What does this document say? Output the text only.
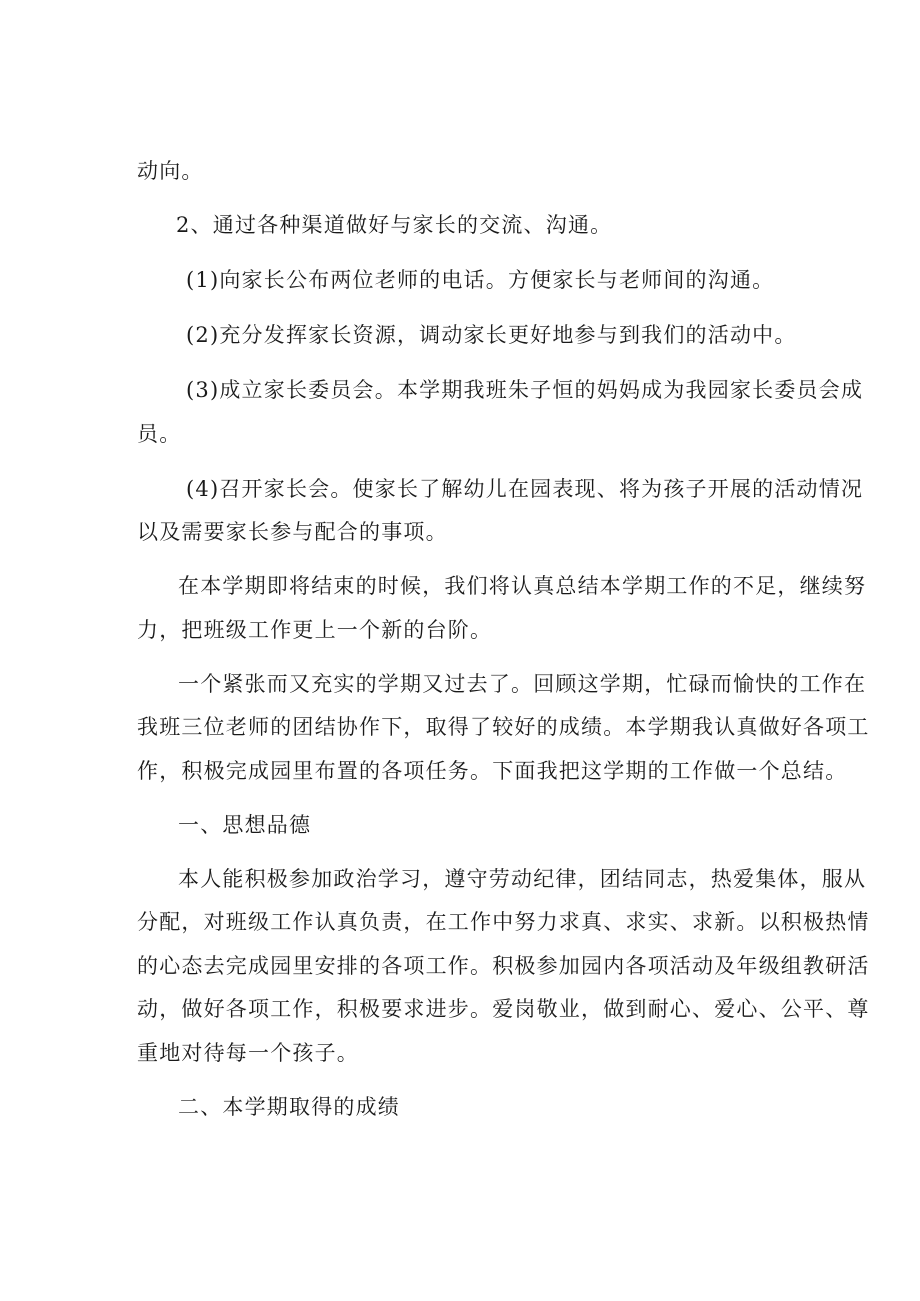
动向。
2、通过各种渠道做好与家长的交流、沟通。
(1)向家长公布两位老师的电话。方便家长与老师间的沟通。
(2)充分发挥家长资源，调动家长更好地参与到我们的活动中。
(3)成立家长委员会。本学期我班朱子恒的妈妈成为我园家长委员会成
员。
(4)召开家长会。使家长了解幼儿在园表现、将为孩子开展的活动情况
以及需要家长参与配合的事项。
在本学期即将结束的时候，我们将认真总结本学期工作的不足，继续努
力，把班级工作更上一个新的台阶。
一个紧张而又充实的学期又过去了。回顾这学期，忙碌而愉快的工作在
我班三位老师的团结协作下，取得了较好的成绩。本学期我认真做好各项工
作，积极完成园里布置的各项任务。下面我把这学期的工作做一个总结。
一、思想品德
本人能积极参加政治学习，遵守劳动纪律，团结同志，热爱集体，服从
分配，对班级工作认真负责，在工作中努力求真、求实、求新。以积极热情
的心态去完成园里安排的各项工作。积极参加园内各项活动及年级组教研活
动，做好各项工作，积极要求进步。爱岗敬业，做到耐心、爱心、公平、尊
重地对待每一个孩子。
二、本学期取得的成绩
